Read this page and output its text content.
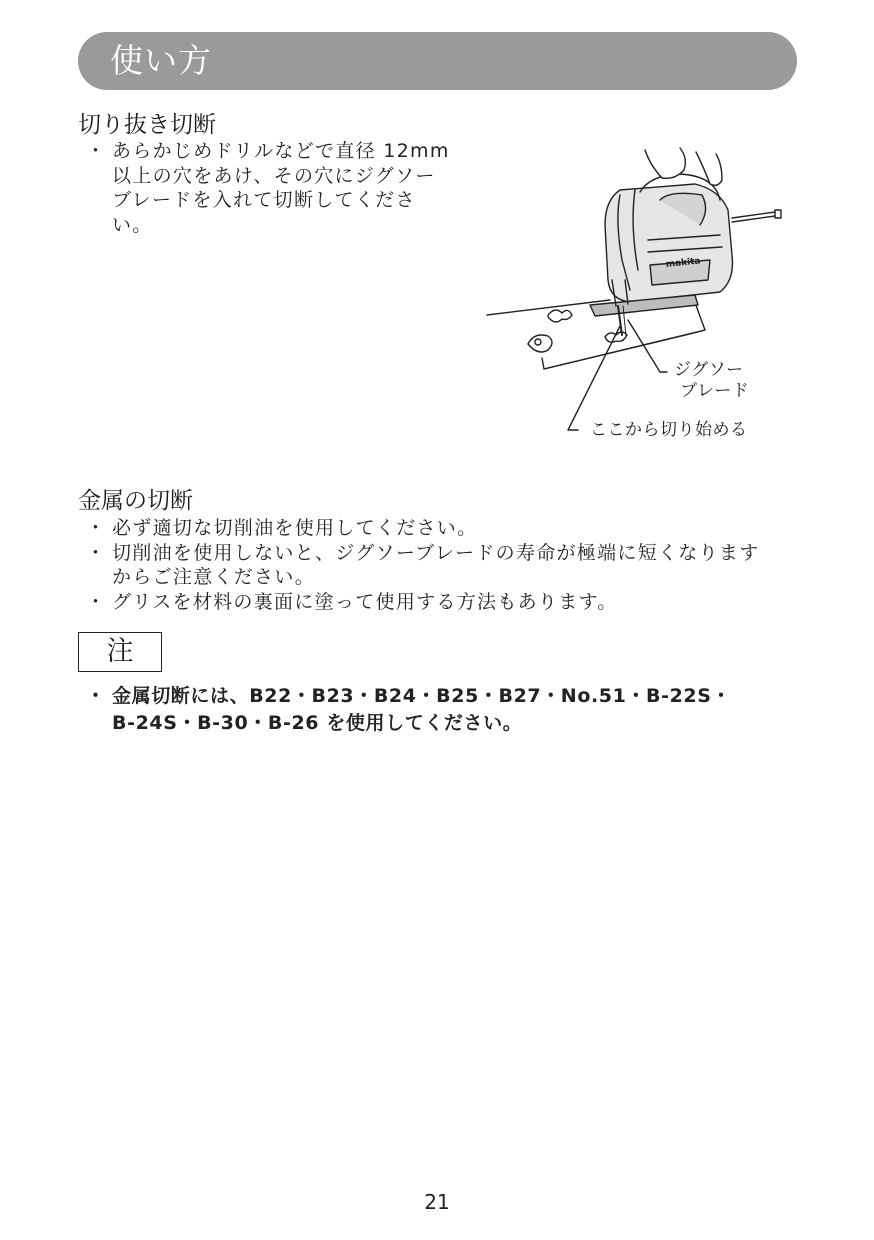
使い方
切り抜き切断
・ あらかじめドリルなどで直径 12mm
以上の穴をあけ、その穴にジグソー
ブレードを入れて切断してくださ
い。
makita
ジグソー
ブレード
ここから切り始める
金属の切断
・ 必ず適切な切削油を使用してください。
・ 切削油を使用しないと、ジグソーブレードの寿命が極端に短くなります
からご注意ください。
・ グリスを材料の裏面に塗って使用する方法もあります。
注
・ 金属切断には、B22・B23・B24・B25・B27・No.51・B-22S・
B-24S・B-30・B-26 を使用してください。
21
